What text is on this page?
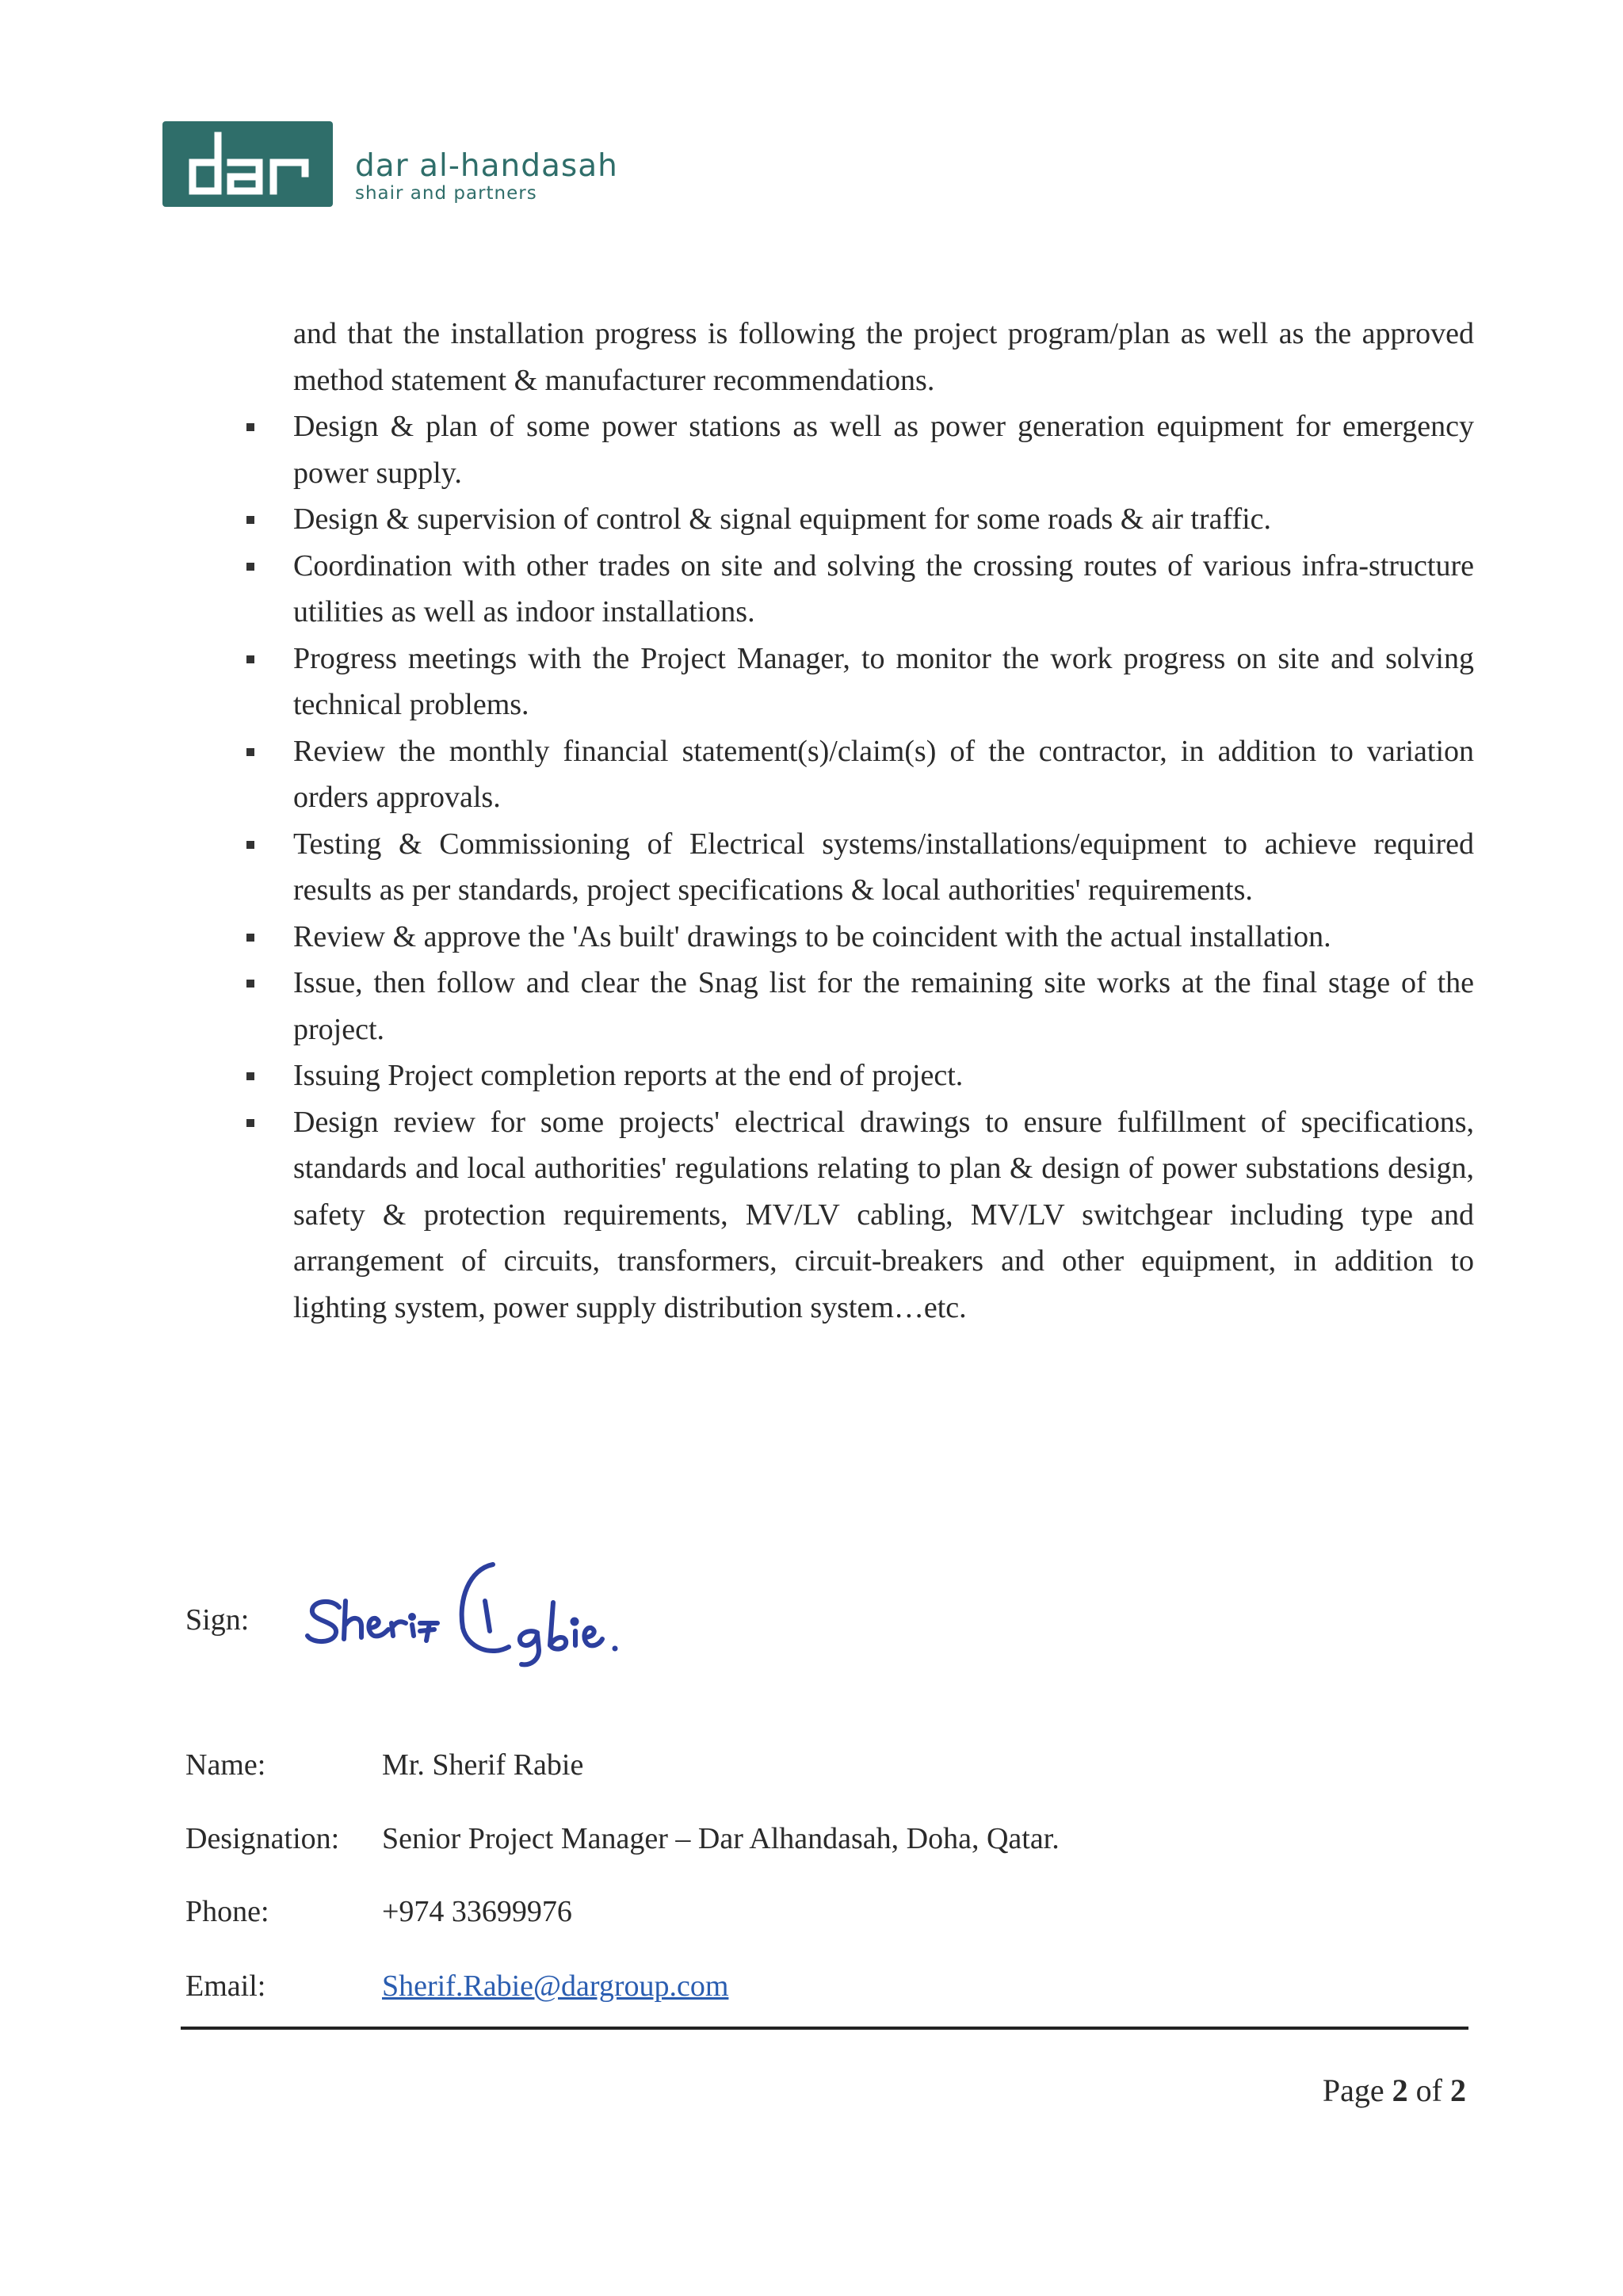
dar al-handasah
shair and partners

and that the installation progress is following the project program/plan as well as the approved method statement & manufacturer recommendations.

Design & plan of some power stations as well as power generation equipment for emergency power supply.
Design & supervision of control & signal equipment for some roads & air traffic.
Coordination with other trades on site and solving the crossing routes of various infra-structure utilities as well as indoor installations.
Progress meetings with the Project Manager, to monitor the work progress on site and solving technical problems.
Review the monthly financial statement(s)/claim(s) of the contractor, in addition to variation orders approvals.
Testing & Commissioning of Electrical systems/installations/equipment to achieve required results as per standards, project specifications & local authorities' requirements.
Review & approve the 'As built' drawings to be coincident with the actual installation.
Issue, then follow and clear the Snag list for the remaining site works at the final stage of the project.
Issuing Project completion reports at the end of project.
Design review for some projects' electrical drawings to ensure fulfillment of specifications, standards and local authorities' regulations relating to plan & design of power substations design, safety & protection requirements, MV/LV cabling, MV/LV switchgear including type and arrangement of circuits, transformers, circuit-breakers and other equipment, in addition to lighting system, power supply distribution system…etc.
Sign:
Name:	Mr. Sherif Rabie
Designation: Senior Project Manager – Dar Alhandasah, Doha, Qatar.
Phone:	+974 33699976
Email:	Sherif.Rabie@dargroup.com
Page 2 of 2
